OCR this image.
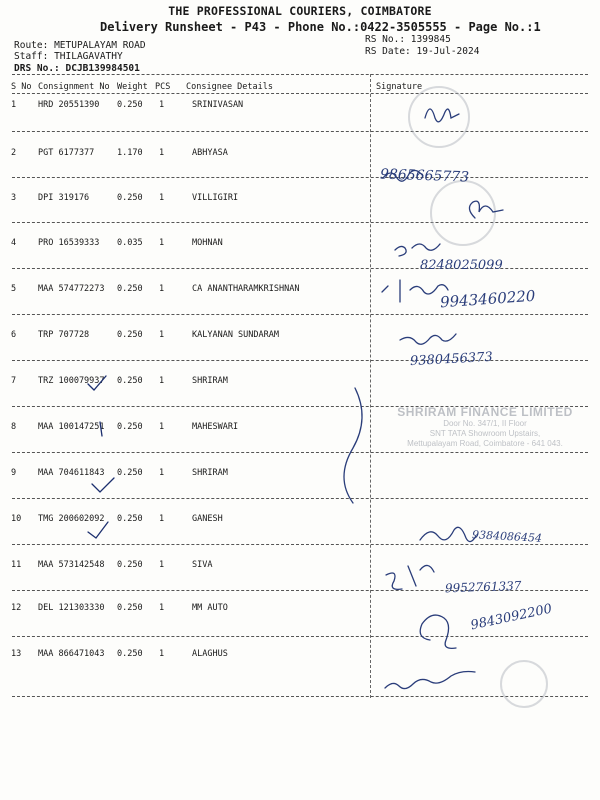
THE PROFESSIONAL COURIERS, COIMBATORE
Delivery Runsheet - P43 - Phone No.:0422-3505555 - Page No.:1
Route: METUPALAYAM ROAD
Staff: THILAGAVATHY
DRS No.: DCJB139984501
RS No.: 1399845
RS Date: 19-Jul-2024
S No Consignment No Weight PCS Consignee Details	Signature
1	HRD 20551390 0.250 1	SRINIVASAN
2	PGT 6177377	1.170 1	ABHYASA
3	DPI 319176	0.250 1	VILLIGIRI
4	PRO 16539333 0.035 1	MOHNAN
5	MAA 574772273 0.250 1	CA ANANTHARAMKRISHNAN
6	TRP 707728	0.250 1	KALYANAN SUNDARAM
7	TRZ 100079937 0.250 1	SHRIRAM
8	MAA 100147251 0.250 1	MAHESWARI
9	MAA 704611843 0.250 1	SHRIRAM
10 TMG 200602092 0.250 1	GANESH
11 MAA 573142548 0.250 1	SIVA
12 DEL 121303330 0.250 1	MM AUTO
13 MAA 866471043 0.250 1	ALAGHUS
SHRIRAM FINANCE LIMITED
Door No. 347/1, II Floor
SNT TATA Showroom Upstairs,
Mettupalayam Road, Coimbatore - 641 043.
9865665773
8248025099
9943460220
9380456373
9384086454
9952761337
9843092200
